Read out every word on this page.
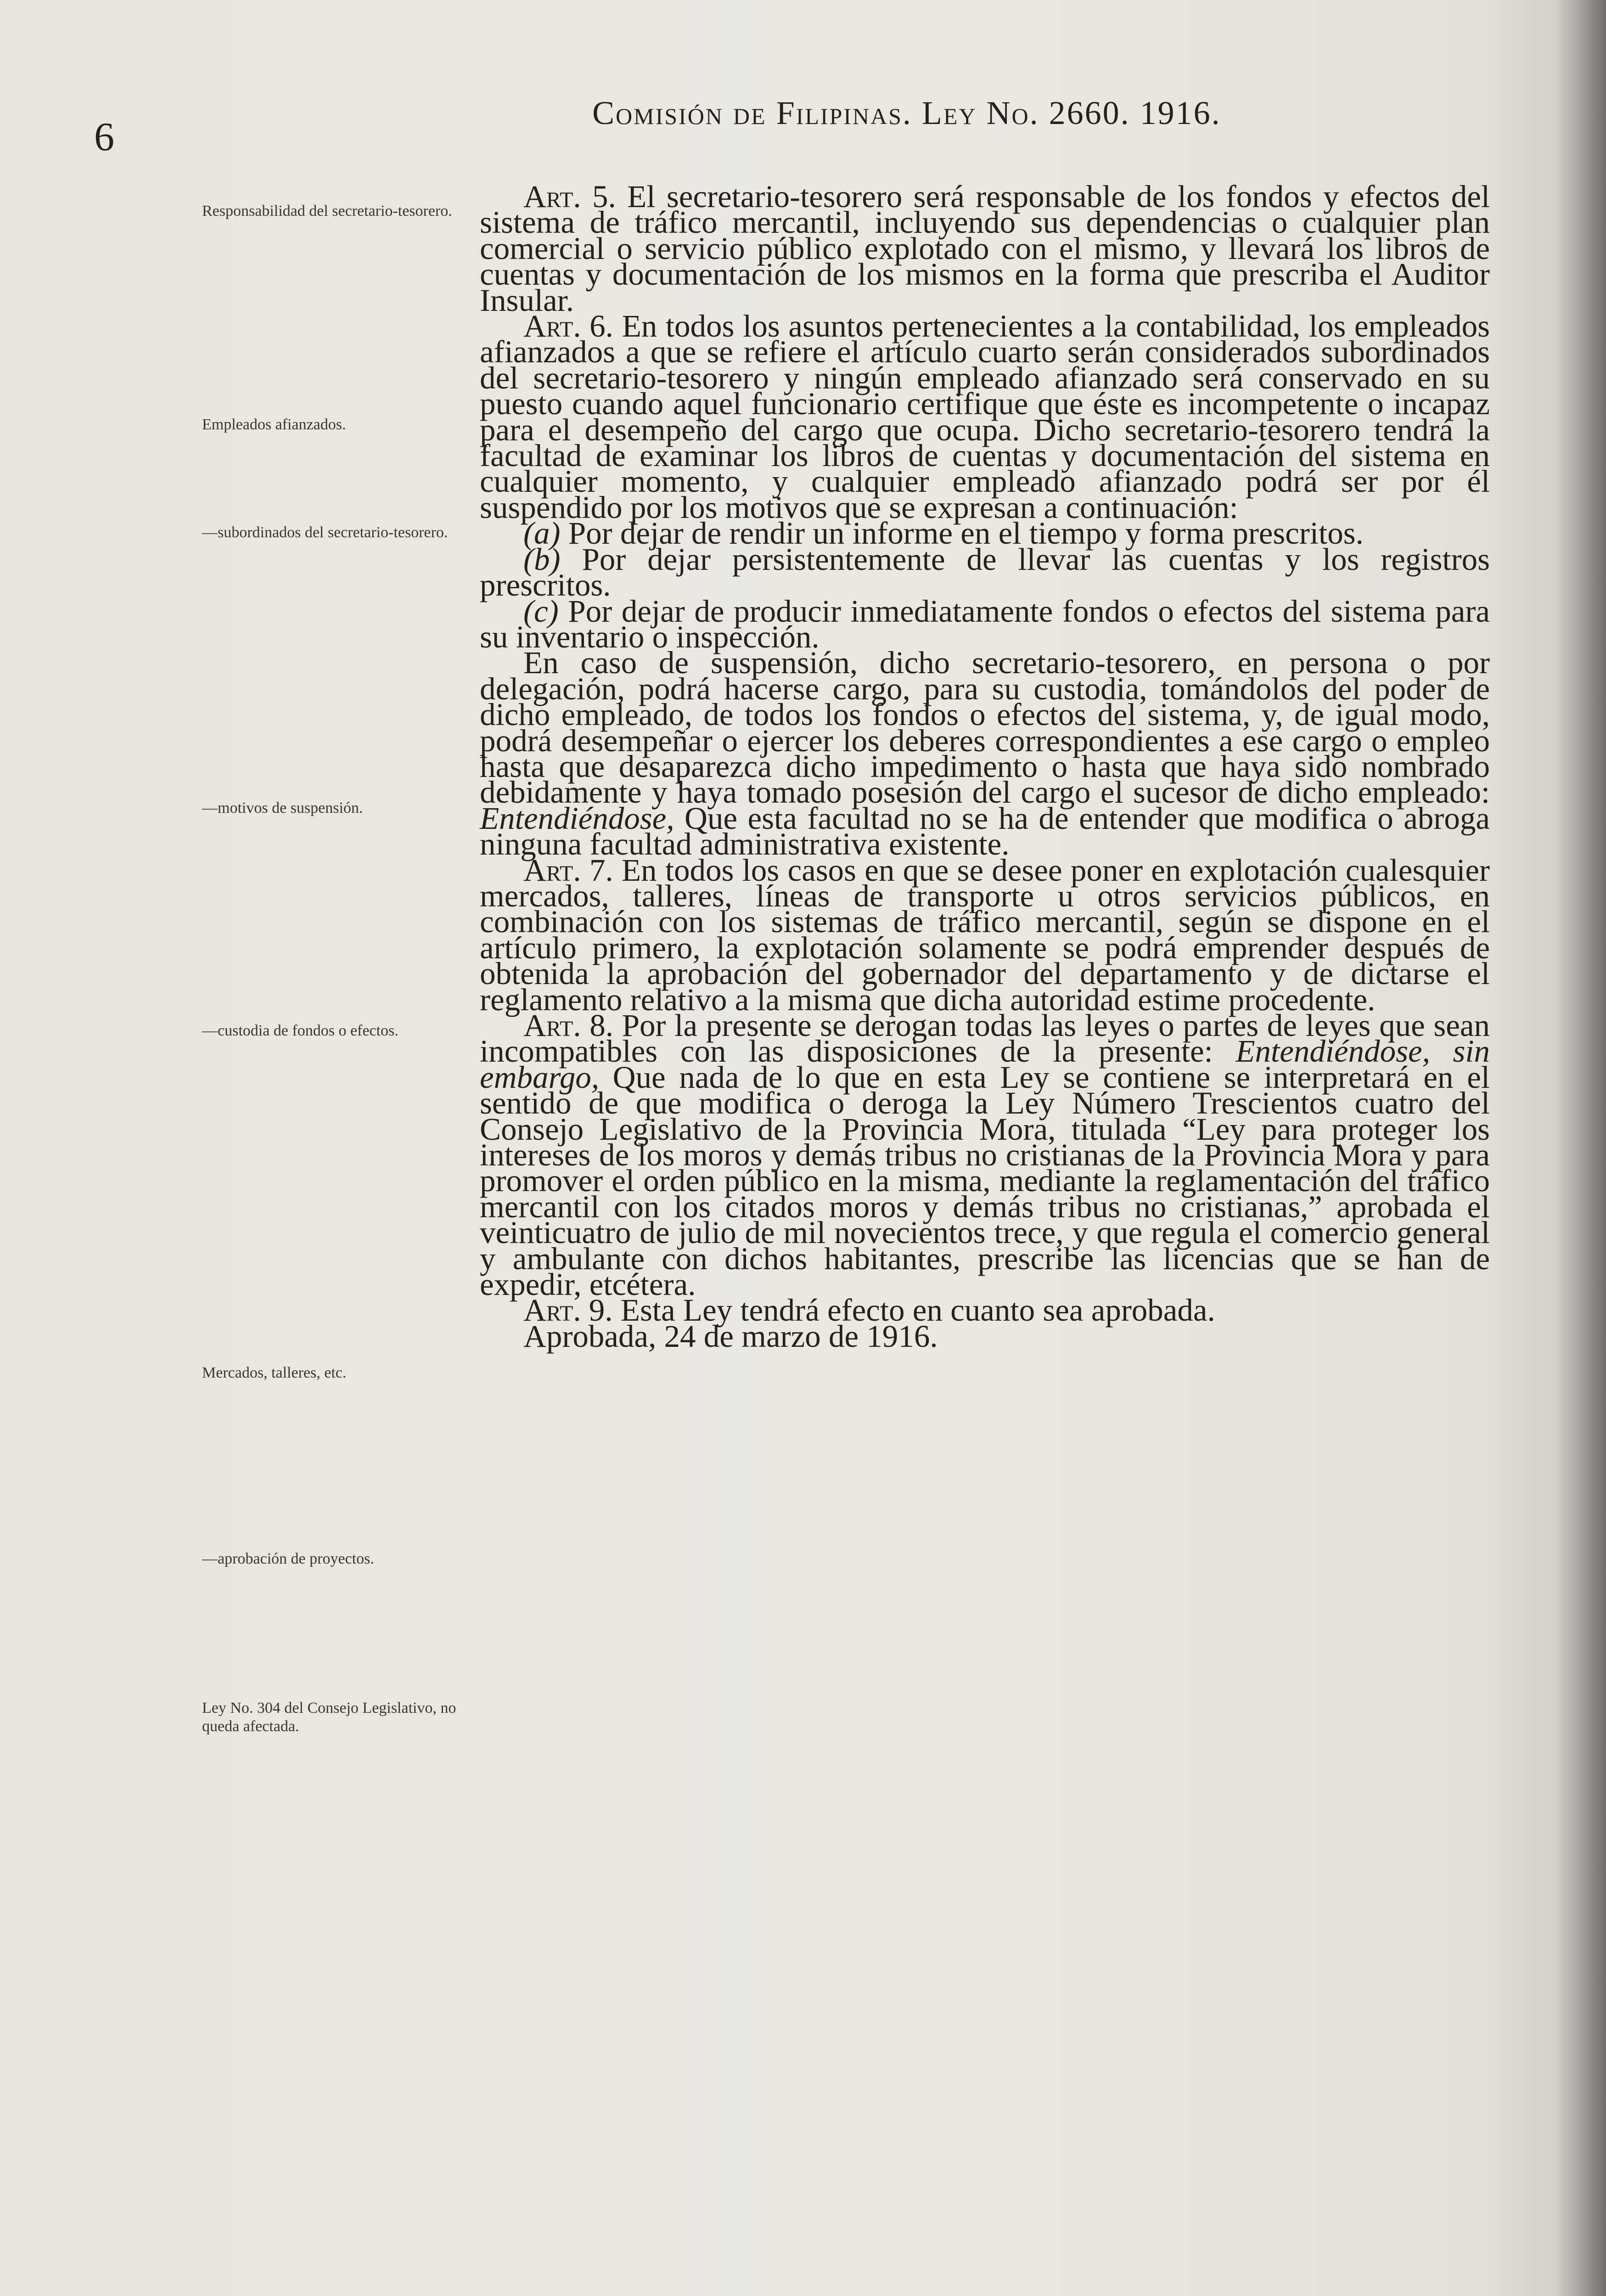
6
Comisión de Filipinas. Ley No. 2660. 1916.
Responsabilidad del secretario-tesorero.
Empleados afianzados.
—subordinados del secretario-tesorero.
—motivos de suspensión.
—custodia de fondos o efectos.
Mercados, talleres, etc.
—aprobación de proyectos.
Ley No. 304 del Consejo Legislativo, no queda afectada.

Art. 5. El secretario-tesorero será responsable de los fondos y efectos del sistema de tráfico mercantil, incluyendo sus dependencias o cualquier plan comercial o servicio público explotado con el mismo, y llevará los libros de cuentas y documentación de los mismos en la forma que prescriba el Auditor Insular.

Art. 6. En todos los asuntos pertenecientes a la contabilidad, los empleados afianzados a que se refiere el artículo cuarto serán considerados subordinados del secretario-tesorero y ningún empleado afianzado será conservado en su puesto cuando aquel funcionario certifique que éste es incompetente o incapaz para el desempeño del cargo que ocupa. Dicho secretario-tesorero tendrá la facultad de examinar los libros de cuentas y documentación del sistema en cualquier momento, y cualquier empleado afianzado podrá ser por él suspendido por los motivos que se expresan a continuación:

(a) Por dejar de rendir un informe en el tiempo y forma prescritos.

(b) Por dejar persistentemente de llevar las cuentas y los registros prescritos.

(c) Por dejar de producir inmediatamente fondos o efectos del sistema para su inventario o inspección.

En caso de suspensión, dicho secretario-tesorero, en persona o por delegación, podrá hacerse cargo, para su custodia, tomándolos del poder de dicho empleado, de todos los fondos o efectos del sistema, y, de igual modo, podrá desempeñar o ejercer los deberes correspondientes a ese cargo o empleo hasta que desaparezca dicho impedimento o hasta que haya sido nombrado debidamente y haya tomado posesión del cargo el sucesor de dicho empleado: Entendiéndose, Que esta facultad no se ha de entender que modifica o abroga ninguna facultad administrativa existente.

Art. 7. En todos los casos en que se desee poner en explotación cualesquier mercados, talleres, líneas de transporte u otros servicios públicos, en combinación con los sistemas de tráfico mercantil, según se dispone en el artículo primero, la explotación solamente se podrá emprender después de obtenida la aprobación del gobernador del departamento y de dictarse el reglamento relativo a la misma que dicha autoridad estime procedente.

Art. 8. Por la presente se derogan todas las leyes o partes de leyes que sean incompatibles con las disposiciones de la presente: Entendiéndose, sin embargo, Que nada de lo que en esta Ley se contiene se interpretará en el sentido de que modifica o deroga la Ley Número Trescientos cuatro del Consejo Legislativo de la Provincia Mora, titulada “Ley para proteger los intereses de los moros y demás tribus no cristianas de la Provincia Mora y para promover el orden público en la misma, mediante la reglamentación del tráfico mercantil con los citados moros y demás tribus no cristianas,” aprobada el veinticuatro de julio de mil novecientos trece, y que regula el comercio general y ambulante con dichos habitantes, prescribe las licencias que se han de expedir, etcétera.

Art. 9. Esta Ley tendrá efecto en cuanto sea aprobada.

Aprobada, 24 de marzo de 1916.
